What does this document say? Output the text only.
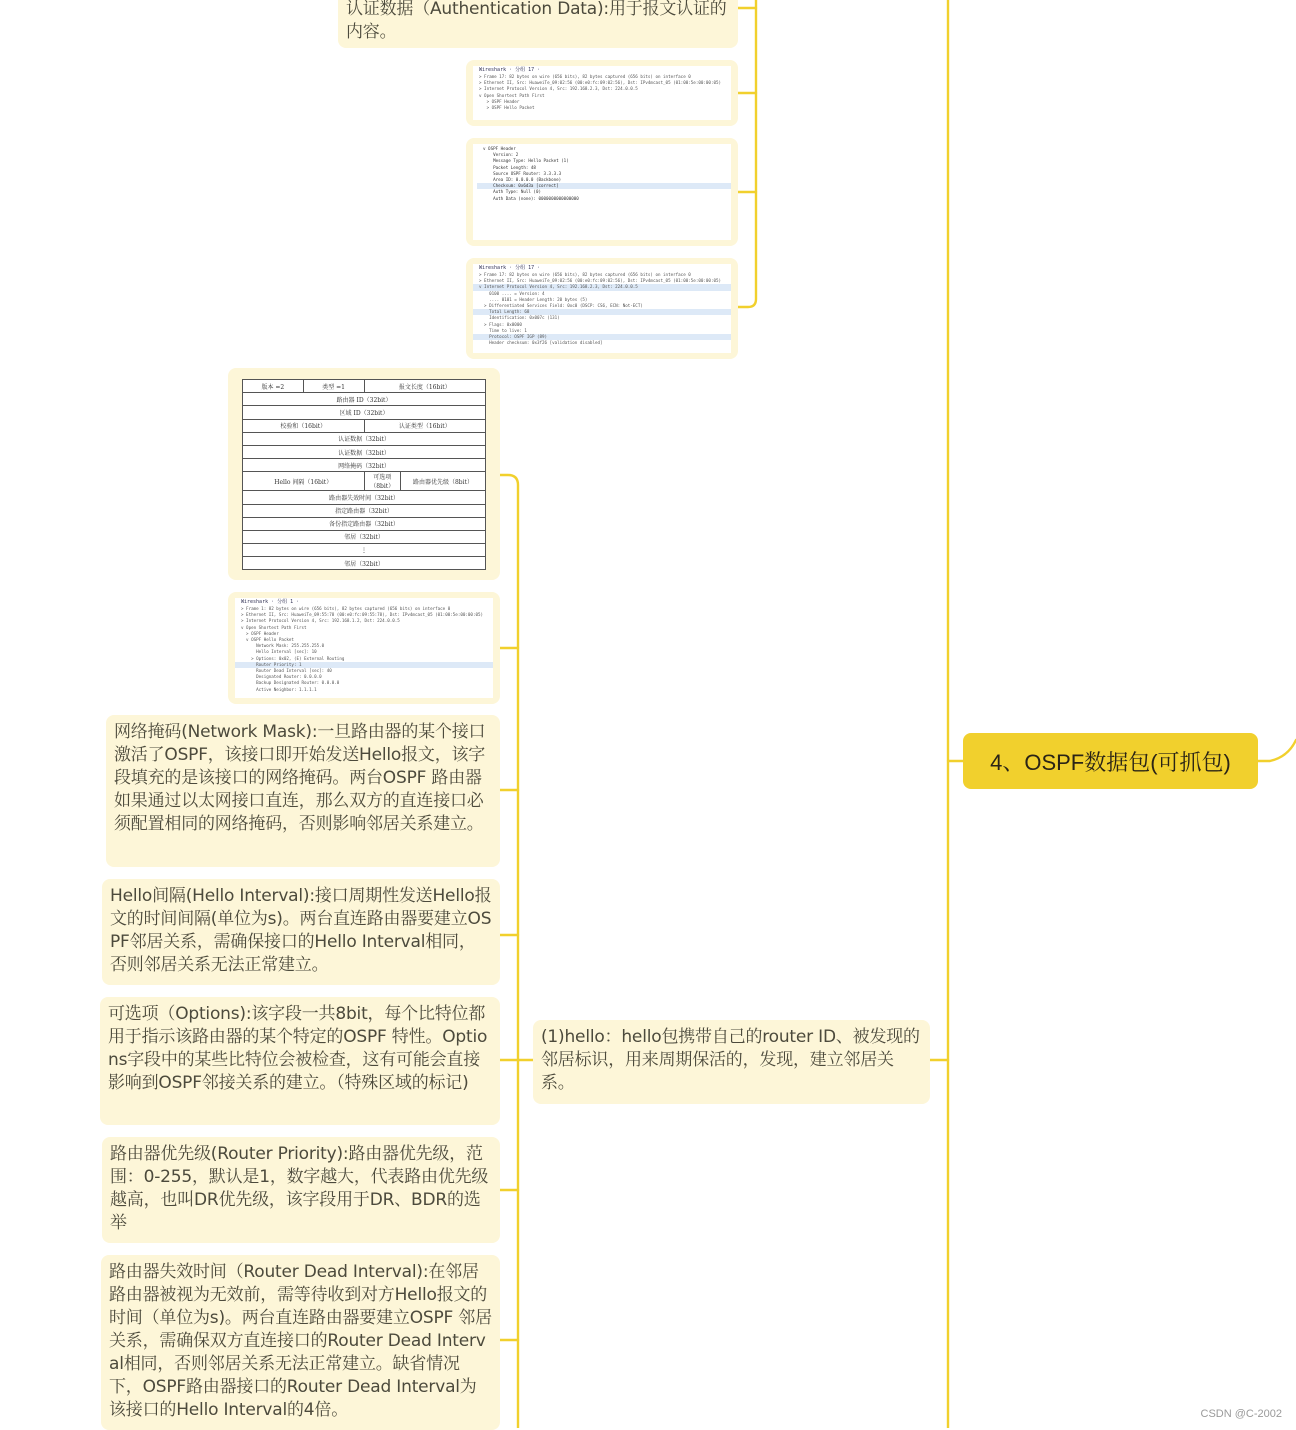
认证数据（Authentication Data):用于报文认证的内容。
Wireshark · 分组 17 ·
> Frame 17: 82 bytes on wire (656 bits), 82 bytes captured (656 bits) on interface 0
> Ethernet II, Src: HuaweiTe_09:02:56 (00:e0:fc:09:02:56), Dst: IPv4mcast_05 (01:00:5e:00:00:05)
> Internet Protocol Version 4, Src: 192.168.2.3, Dst: 224.0.0.5
v Open Shortest Path First
> OSPF Header
> OSPF Hello Packet
v OSPF Header
Version: 2
Message Type: Hello Packet (1)
Packet Length: 48
Source OSPF Router: 3.3.3.3
Area ID: 0.0.0.0 (Backbone)
Checksum: 0x6d3a [correct]
Auth Type: Null (0)
Auth Data (none): 0000000000000000
Wireshark · 分组 17 ·
> Frame 17: 82 bytes on wire (656 bits), 82 bytes captured (656 bits) on interface 0
> Ethernet II, Src: HuaweiTe_09:02:56 (00:e0:fc:09:02:56), Dst: IPv4mcast_05 (01:00:5e:00:00:05)
v Internet Protocol Version 4, Src: 192.168.2.3, Dst: 224.0.0.5
0100 .... = Version: 4
.... 0101 = Header Length: 20 bytes (5)
> Differentiated Services Field: 0xc0 (DSCP: CS6, ECN: Not-ECT)
Total Length: 68
Identification: 0x007c (131)
> Flags: 0x0000
Time to live: 1
Protocol: OSPF IGP (89)
Header checksum: 0x3f26 [validation disabled]
版本 =2	类型 =1	报文长度（16bit）	
路由器 ID（32bit）			
区域 ID（32bit）			
校验和（16bit）		认证类型（16bit）	
认证数据（32bit）			
认证数据（32bit）			
网络掩码（32bit）			
Hello 间隔（16bit）		可选项（8bit）	路由器优先级（8bit）
路由器失效时间（32bit）			
指定路由器（32bit）			
备份指定路由器（32bit）			
邻居（32bit）			
⋮			
邻居（32bit）			
Wireshark · 分组 1 ·
> Frame 1: 82 bytes on wire (656 bits), 82 bytes captured (656 bits) on interface 0
> Ethernet II, Src: HuaweiTe_09:55:78 (00:e0:fc:09:55:78), Dst: IPv4mcast_05 (01:00:5e:00:00:05)
> Internet Protocol Version 4, Src: 192.168.1.2, Dst: 224.0.0.5
v Open Shortest Path First
> OSPF Header
v OSPF Hello Packet
Network Mask: 255.255.255.0
Hello Interval [sec]: 10
> Options: 0x02, (E) External Routing
Router Priority: 1
Router Dead Interval [sec]: 40
Designated Router: 0.0.0.0
Backup Designated Router: 0.0.0.0
Active Neighbor: 1.1.1.1
网络掩码(Network Mask):一旦路由器的某个接口激活了OSPF，该接口即开始发送Hello报文，该字段填充的是该接口的网络掩码。两台OSPF 路由器如果通过以太网接口直连，那么双方的直连接口必须配置相同的网络掩码，否则影响邻居关系建立。
Hello间隔(Hello Interval):接口周期性发送Hello报文的时间间隔(单位为s)。两台直连路由器要建立OSPF邻居关系，需确保接口的Hello Interval相同，否则邻居关系无法正常建立。
可选项（Options):该字段一共8bit，每个比特位都用于指示该路由器的某个特定的OSPF 特性。Options字段中的某些比特位会被检查，这有可能会直接影响到OSPF邻接关系的建立。（特殊区域的标记)
路由器优先级(Router Priority):路由器优先级，范围：0-255，默认是1，数字越大，代表路由优先级越高，也叫DR优先级，该字段用于DR、BDR的选举
路由器失效时间（Router Dead Interval):在邻居路由器被视为无效前，需等待收到对方Hello报文的时间（单位为s)。两台直连路由器要建立OSPF 邻居关系，需确保双方直连接口的Router Dead Interval相同，否则邻居关系无法正常建立。缺省情况下，OSPF路由器接口的Router Dead Interval为该接口的Hello Interval的4倍。
(1)hello：hello包携带自己的router ID、被发现的邻居标识，用来周期保活的，发现，建立邻居关系。
4、OSPF数据包(可抓包)
CSDN @C-2002
